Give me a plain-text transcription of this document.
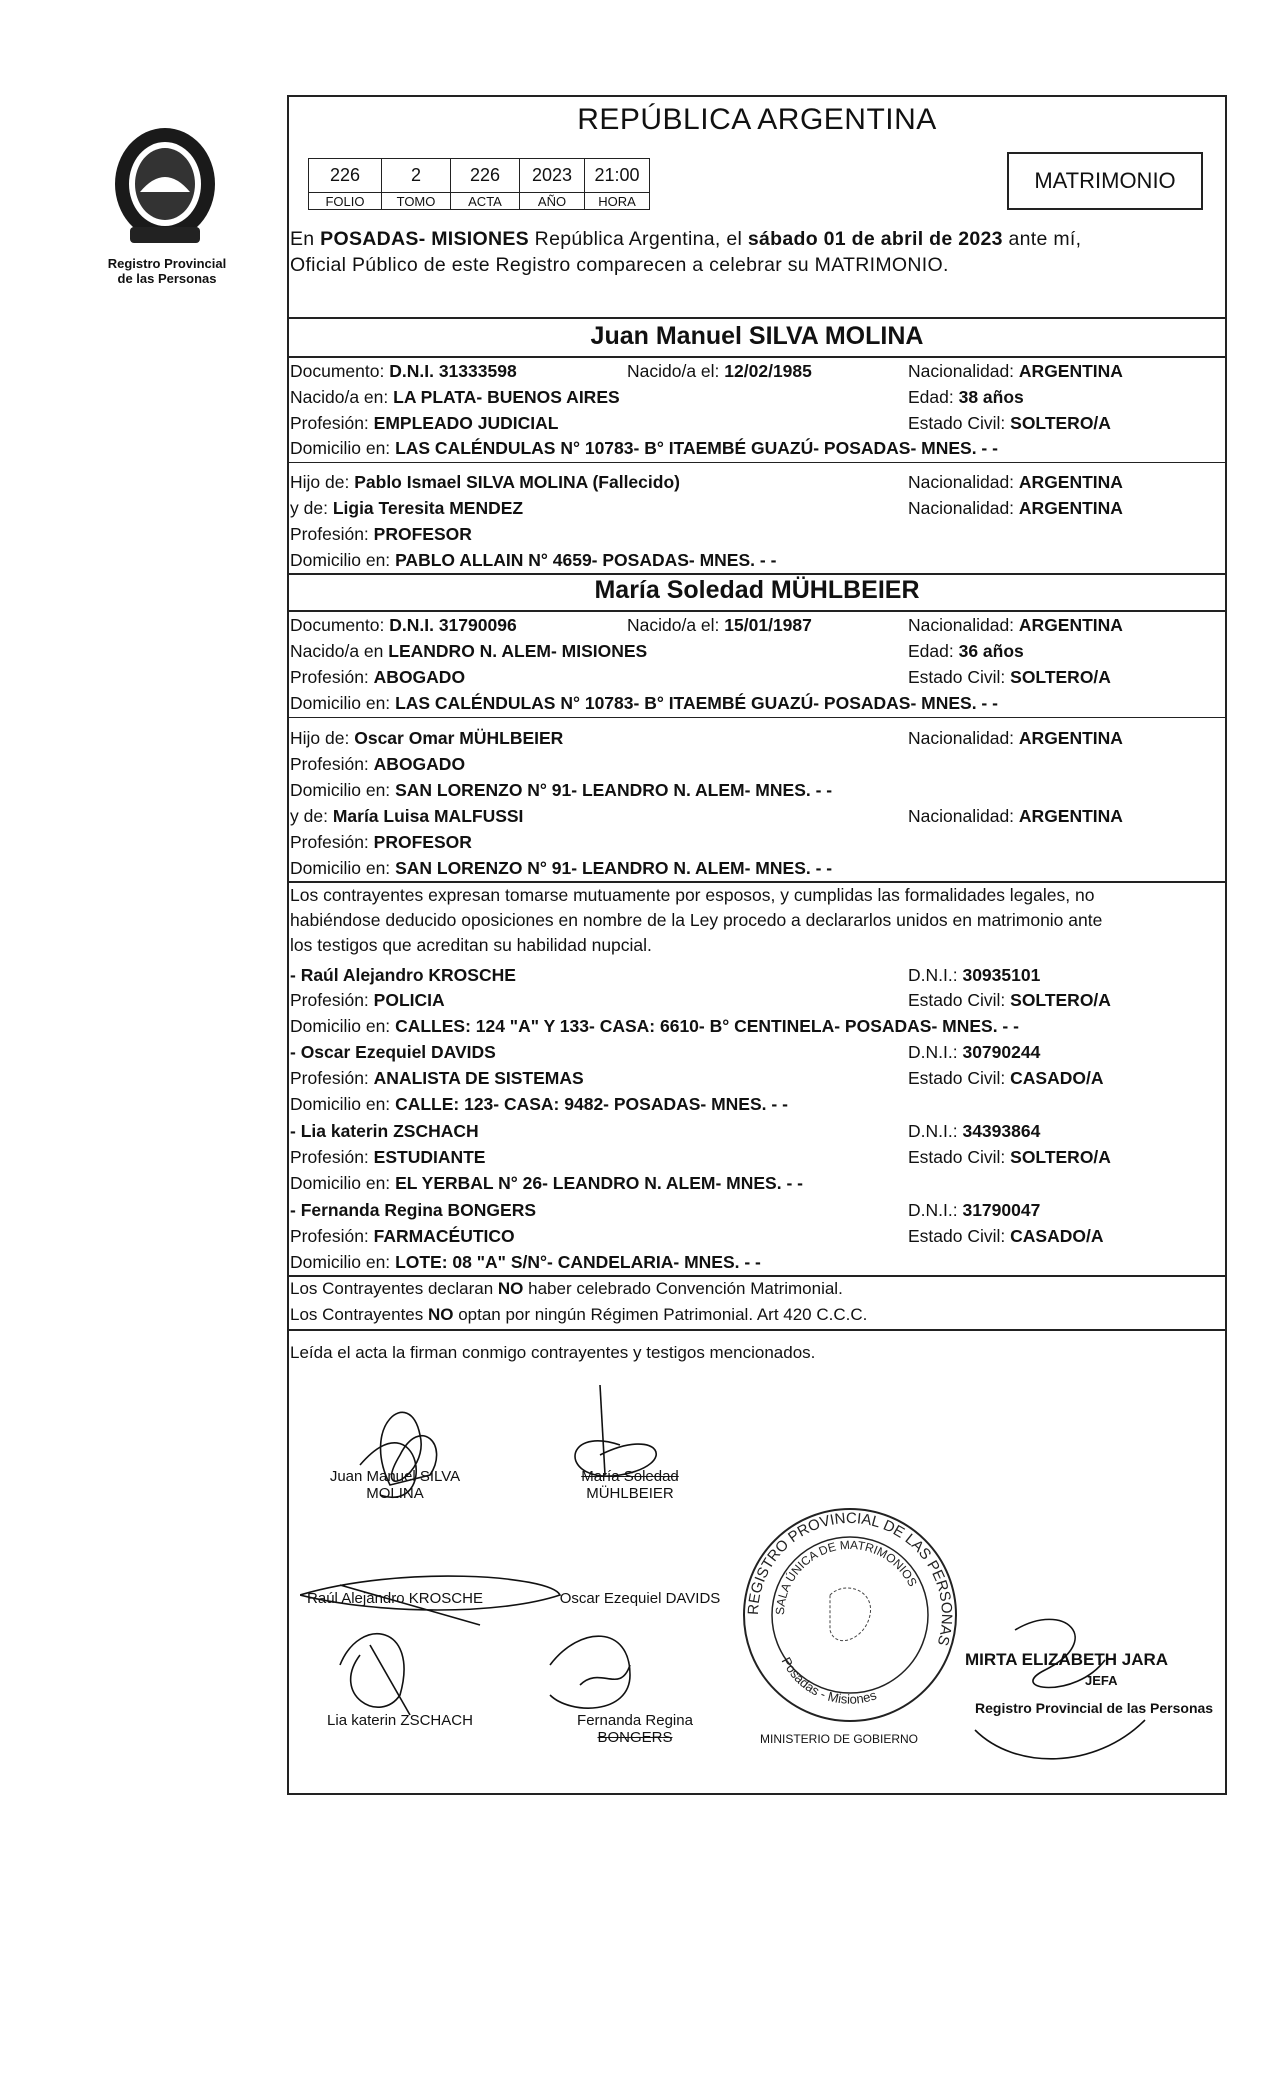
Registro Provincial
de las Personas
REPÚBLICA ARGENTINA
226	2	226	2023	21:00
FOLIO	TOMO	ACTA	AÑO	HORA
MATRIMONIO
En POSADAS- MISIONES República Argentina, el sábado 01 de abril de 2023 ante mí,
Oficial Público de este Registro comparecen a celebrar su MATRIMONIO.
Juan Manuel SILVA MOLINA
Documento: D.N.I. 31333598	Nacido/a el: 12/02/1985	Nacionalidad: ARGENTINA
Nacido/a en: LA PLATA- BUENOS AIRES	Edad: 38 años
Profesión: EMPLEADO JUDICIAL	Estado Civil: SOLTERO/A
Domicilio en: LAS CALÉNDULAS N° 10783- B° ITAEMBÉ GUAZÚ- POSADAS- MNES. - -
Hijo de: Pablo Ismael SILVA MOLINA (Fallecido)	Nacionalidad: ARGENTINA
y de: Ligia Teresita MENDEZ	Nacionalidad: ARGENTINA
Profesión: PROFESOR
Domicilio en: PABLO ALLAIN N° 4659- POSADAS- MNES. - -
María Soledad MÜHLBEIER
Documento: D.N.I. 31790096	Nacido/a el: 15/01/1987	Nacionalidad: ARGENTINA
Nacido/a en LEANDRO N. ALEM- MISIONES	Edad: 36 años
Profesión: ABOGADO	Estado Civil: SOLTERO/A
Domicilio en: LAS CALÉNDULAS N° 10783- B° ITAEMBÉ GUAZÚ- POSADAS- MNES. - -
Hijo de: Oscar Omar MÜHLBEIER	Nacionalidad: ARGENTINA
Profesión: ABOGADO
Domicilio en: SAN LORENZO N° 91- LEANDRO N. ALEM- MNES. - -
y de: María Luisa MALFUSSI	Nacionalidad: ARGENTINA
Profesión: PROFESOR
Domicilio en: SAN LORENZO N° 91- LEANDRO N. ALEM- MNES. - -
Los contrayentes expresan tomarse mutuamente por esposos, y cumplidas las formalidades legales, no
habiéndose deducido oposiciones en nombre de la Ley procedo a declararlos unidos en matrimonio ante
los testigos que acreditan su habilidad nupcial.
- Raúl Alejandro KROSCHE	D.N.I.: 30935101
Profesión: POLICIA	Estado Civil: SOLTERO/A
Domicilio en: CALLES: 124 "A" Y 133- CASA: 6610- B° CENTINELA- POSADAS- MNES. - -
- Oscar Ezequiel DAVIDS	D.N.I.: 30790244
Profesión: ANALISTA DE SISTEMAS	Estado Civil: CASADO/A
Domicilio en: CALLE: 123- CASA: 9482- POSADAS- MNES. - -
- Lia katerin ZSCHACH	D.N.I.: 34393864
Profesión: ESTUDIANTE	Estado Civil: SOLTERO/A
Domicilio en: EL YERBAL N° 26- LEANDRO N. ALEM- MNES. - -
- Fernanda Regina BONGERS	D.N.I.: 31790047
Profesión: FARMACÉUTICO	Estado Civil: CASADO/A
Domicilio en: LOTE: 08 "A" S/N°- CANDELARIA- MNES. - -
Los Contrayentes declaran NO haber celebrado Convención Matrimonial.
Los Contrayentes NO optan por ningún Régimen Patrimonial. Art 420 C.C.C.
Leída el acta la firman conmigo contrayentes y testigos mencionados.
Juan Manuel SILVA
MOLINA
María Soledad
MÜHLBEIER
Raúl Alejandro KROSCHE	Oscar Ezequiel DAVIDS
Lia katerin ZSCHACH	Fernanda Regina
BONGERS
REGISTRO PROVINCIAL DE LAS PERSONAS
SALA ÚNICA DE MATRIMONIOS
Posadas - Misiones
MINISTERIO DE GOBIERNO
MIRTA ELIZABETH JARA
JEFA
Registro Provincial de las Personas
